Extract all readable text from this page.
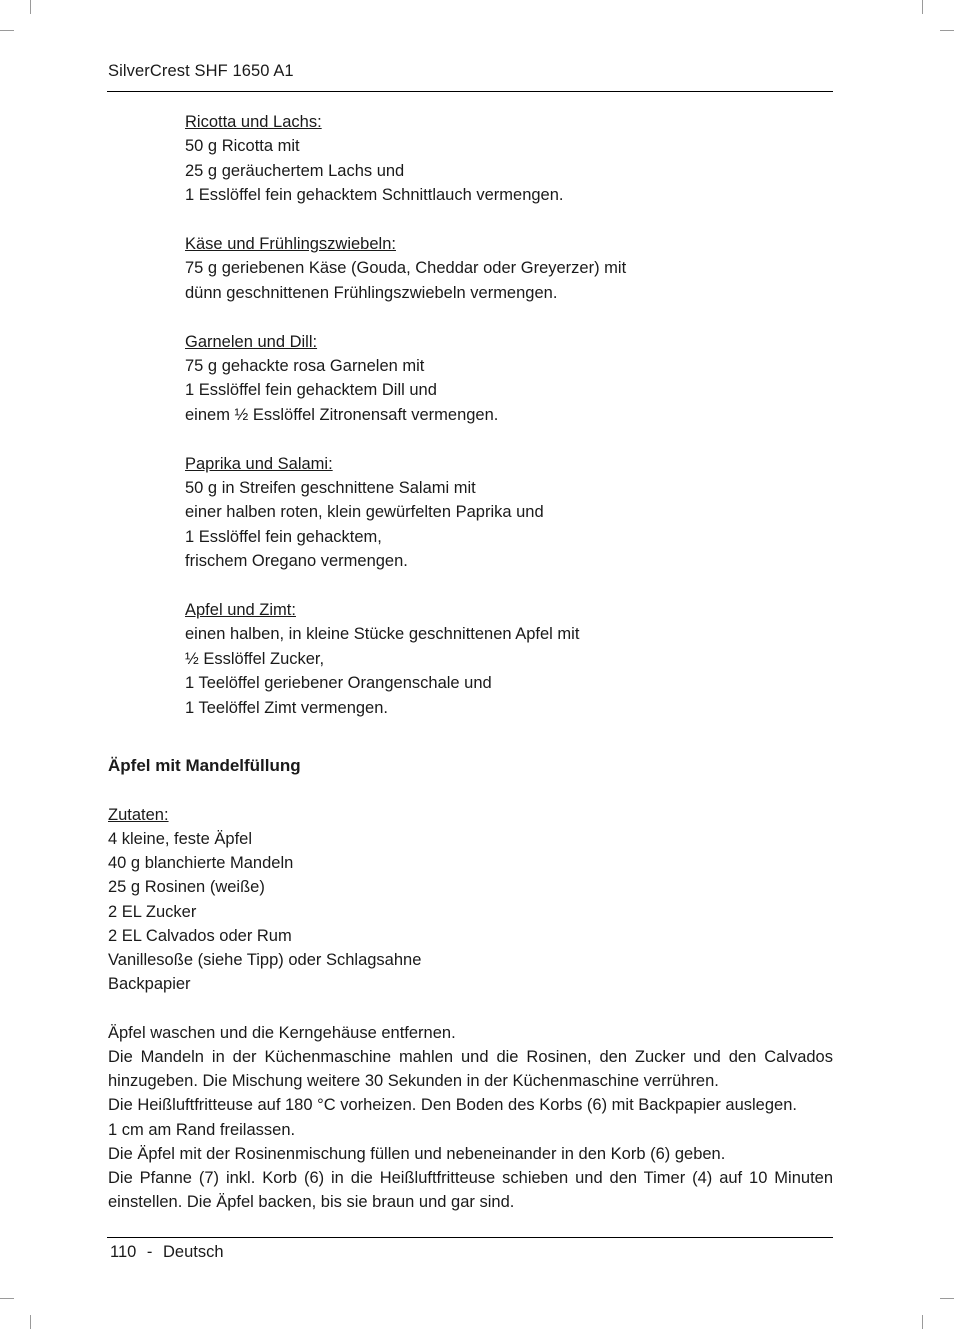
SilverCrest SHF 1650 A1
Ricotta und Lachs:
50 g Ricotta mit
25 g geräuchertem Lachs und
1 Esslöffel fein gehacktem Schnittlauch vermengen.
Käse und Frühlingszwiebeln:
75 g geriebenen Käse (Gouda, Cheddar oder Greyerzer) mit
dünn geschnittenen Frühlingszwiebeln vermengen.
Garnelen und Dill:
75 g gehackte rosa Garnelen mit
1 Esslöffel fein gehacktem Dill und
einem ½ Esslöffel Zitronensaft vermengen.
Paprika und Salami:
50 g in Streifen geschnittene Salami mit
einer halben roten, klein gewürfelten Paprika und
1 Esslöffel fein gehacktem,
frischem Oregano vermengen.
Apfel und Zimt:
einen halben, in kleine Stücke geschnittenen Apfel mit
½ Esslöffel Zucker,
1 Teelöffel geriebener Orangenschale und
1 Teelöffel Zimt vermengen.
Äpfel mit Mandelfüllung
Zutaten:
4 kleine, feste Äpfel
40 g blanchierte Mandeln
25 g Rosinen (weiße)
2 EL Zucker
2 EL Calvados oder Rum
Vanillesoße (siehe Tipp) oder Schlagsahne
Backpapier

Äpfel waschen und die Kerngehäuse entfernen.

Die Mandeln in der Küchenmaschine mahlen und die Rosinen, den Zucker und den Calvados hinzugeben. Die Mischung weitere 30 Sekunden in der Küchenmaschine verrühren.

Die Heißluftfritteuse auf 180 °C vorheizen. Den Boden des Korbs (6) mit Backpapier auslegen.

1 cm am Rand freilassen.

Die Äpfel mit der Rosinenmischung füllen und nebeneinander in den Korb (6) geben.

Die Pfanne (7) inkl. Korb (6) in die Heißluftfritteuse schieben und den Timer (4) auf 10 Minuten einstellen. Die Äpfel backen, bis sie braun und gar sind.

110 - Deutsch
